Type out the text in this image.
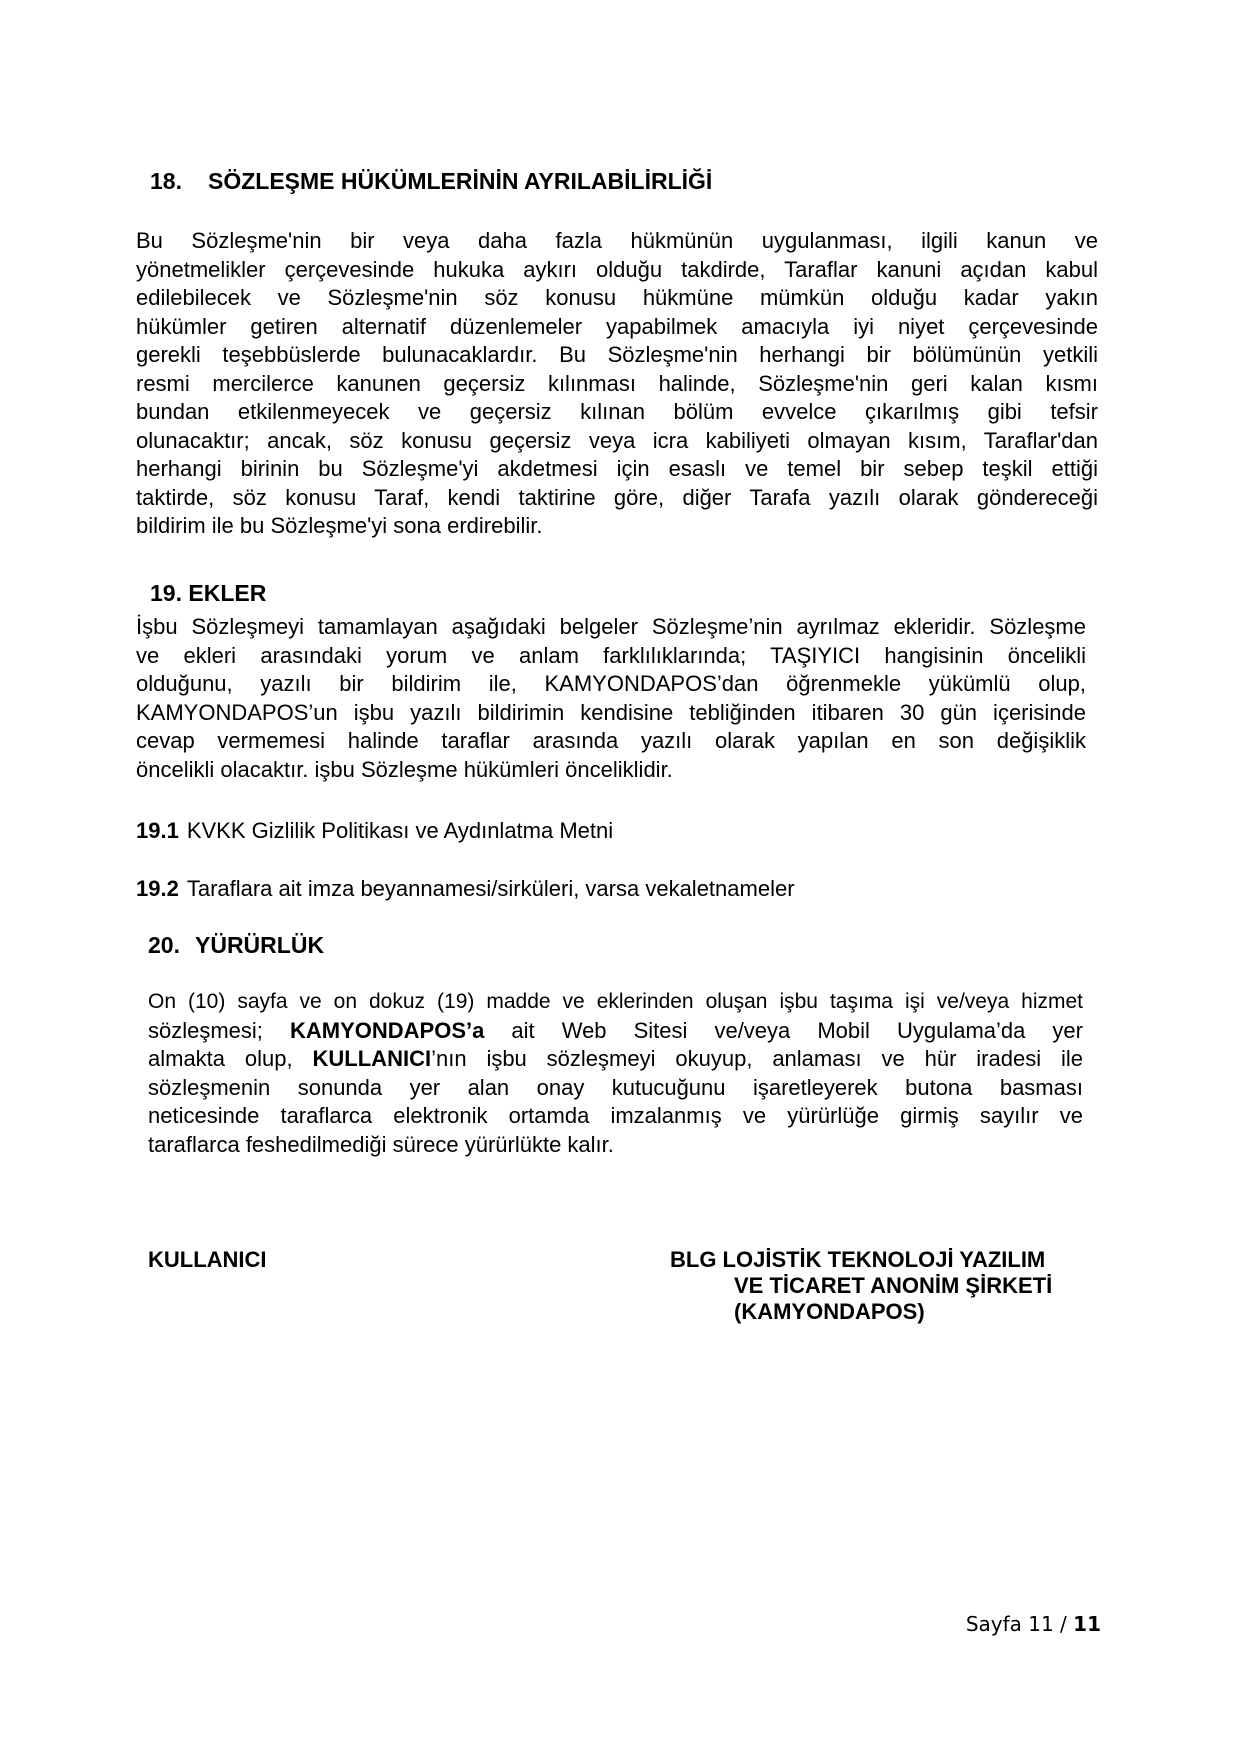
18. SÖZLEŞME HÜKÜMLERİNİN AYRILABİLİRLİĞİ
Bu Sözleşme'nin bir veya daha fazla hükmünün uygulanması, ilgili kanun ve
yönetmelikler çerçevesinde hukuka aykırı olduğu takdirde, Taraflar kanuni açıdan kabul
edilebilecek ve Sözleşme'nin söz konusu hükmüne mümkün olduğu kadar yakın
hükümler getiren alternatif düzenlemeler yapabilmek amacıyla iyi niyet çerçevesinde
gerekli teşebbüslerde bulunacaklardır. Bu Sözleşme'nin herhangi bir bölümünün yetkili
resmi mercilerce kanunen geçersiz kılınması halinde, Sözleşme'nin geri kalan kısmı
bundan etkilenmeyecek ve geçersiz kılınan bölüm evvelce çıkarılmış gibi tefsir
olunacaktır; ancak, söz konusu geçersiz veya icra kabiliyeti olmayan kısım, Taraflar'dan
herhangi birinin bu Sözleşme'yi akdetmesi için esaslı ve temel bir sebep teşkil ettiği
taktirde, söz konusu Taraf, kendi taktirine göre, diğer Tarafa yazılı olarak göndereceği
bildirim ile bu Sözleşme'yi sona erdirebilir.
19. EKLER
İşbu Sözleşmeyi tamamlayan aşağıdaki belgeler Sözleşme’nin ayrılmaz ekleridir. Sözleşme
ve ekleri arasındaki yorum ve anlam farklılıklarında; TAŞIYICI hangisinin öncelikli
olduğunu, yazılı bir bildirim ile, KAMYONDAPOS’dan öğrenmekle yükümlü olup,
KAMYONDAPOS’un işbu yazılı bildirimin kendisine tebliğinden itibaren 30 gün içerisinde
cevap vermemesi halinde taraflar arasında yazılı olarak yapılan en son değişiklik
öncelikli olacaktır. işbu Sözleşme hükümleri önceliklidir.
19.1 KVKK Gizlilik Politikası ve Aydınlatma Metni
19.2 Taraflara ait imza beyannamesi/sirküleri, varsa vekaletnameler
20. YÜRÜRLÜK
On (10) sayfa ve on dokuz (19) madde ve eklerinden oluşan işbu taşıma işi ve/veya hizmet
sözleşmesi; KAMYONDAPOS’a ait Web Sitesi ve/veya Mobil Uygulama’da yer
almakta olup, KULLANICI’nın işbu sözleşmeyi okuyup, anlaması ve hür iradesi ile
sözleşmenin sonunda yer alan onay kutucuğunu işaretleyerek butona basması
neticesinde taraflarca elektronik ortamda imzalanmış ve yürürlüğe girmiş sayılır ve
taraflarca feshedilmediği sürece yürürlükte kalır.
KULLANICI	BLG LOJİSTİK TEKNOLOJİ YAZILIM
VE TİCARET ANONİM ŞİRKETİ
(KAMYONDAPOS)
Sayfa 11 / 11
